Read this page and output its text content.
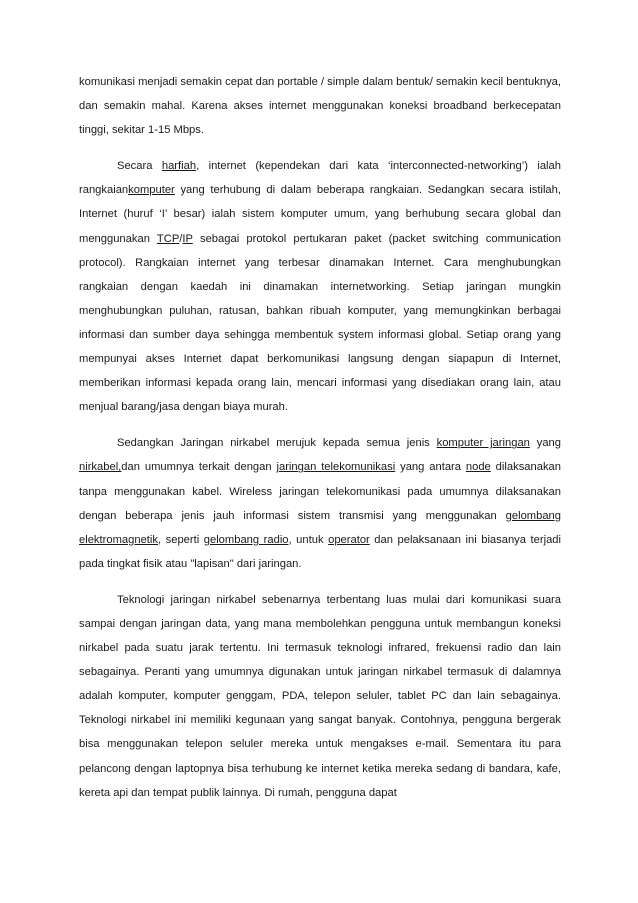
komunikasi menjadi semakin cepat dan portable / simple dalam bentuk/ semakin kecil bentuknya, dan semakin mahal. Karena akses internet menggunakan koneksi broadband berkecepatan tinggi, sekitar 1-15 Mbps.

Secara harfiah, internet (kependekan dari kata ‘interconnected-networking’) ialah rangkaiankomputer yang terhubung di dalam beberapa rangkaian. Sedangkan secara istilah, Internet (huruf ‘I’ besar) ialah sistem komputer umum, yang berhubung secara global dan menggunakan TCP/IP sebagai protokol pertukaran paket (packet switching communication protocol). Rangkaian internet yang terbesar dinamakan Internet. Cara menghubungkan rangkaian dengan kaedah ini dinamakan internetworking. Setiap jaringan mungkin menghubungkan puluhan, ratusan, bahkan ribuah komputer, yang memungkinkan berbagai informasi dan sumber daya sehingga membentuk system informasi global. Setiap orang yang mempunyai akses Internet dapat berkomunikasi langsung dengan siapapun di Internet, memberikan informasi kepada orang lain, mencari informasi yang disediakan orang lain, atau menjual barang/jasa dengan biaya murah.

Sedangkan Jaringan nirkabel merujuk kepada semua jenis komputer jaringan yang nirkabel,dan umumnya terkait dengan jaringan telekomunikasi yang antara node dilaksanakan tanpa menggunakan kabel. Wireless jaringan telekomunikasi pada umumnya dilaksanakan dengan beberapa jenis jauh informasi sistem transmisi yang menggunakan gelombang elektromagnetik, seperti gelombang radio, untuk operator dan pelaksanaan ini biasanya terjadi pada tingkat fisik atau "lapisan" dari jaringan.

Teknologi jaringan nirkabel sebenarnya terbentang luas mulai dari komunikasi suara sampai dengan jaringan data, yang mana membolehkan pengguna untuk membangun koneksi nirkabel pada suatu jarak tertentu. Ini termasuk teknologi infrared, frekuensi radio dan lain sebagainya. Peranti yang umumnya digunakan untuk jaringan nirkabel termasuk di dalamnya adalah komputer, komputer genggam, PDA, telepon seluler, tablet PC dan lain sebagainya. Teknologi nirkabel ini memiliki kegunaan yang sangat banyak. Contohnya, pengguna bergerak bisa menggunakan telepon seluler mereka untuk mengakses e-mail. Sementara itu para pelancong dengan laptopnya bisa terhubung ke internet ketika mereka sedang di bandara, kafe, kereta api dan tempat publik lainnya. Di rumah, pengguna dapat
